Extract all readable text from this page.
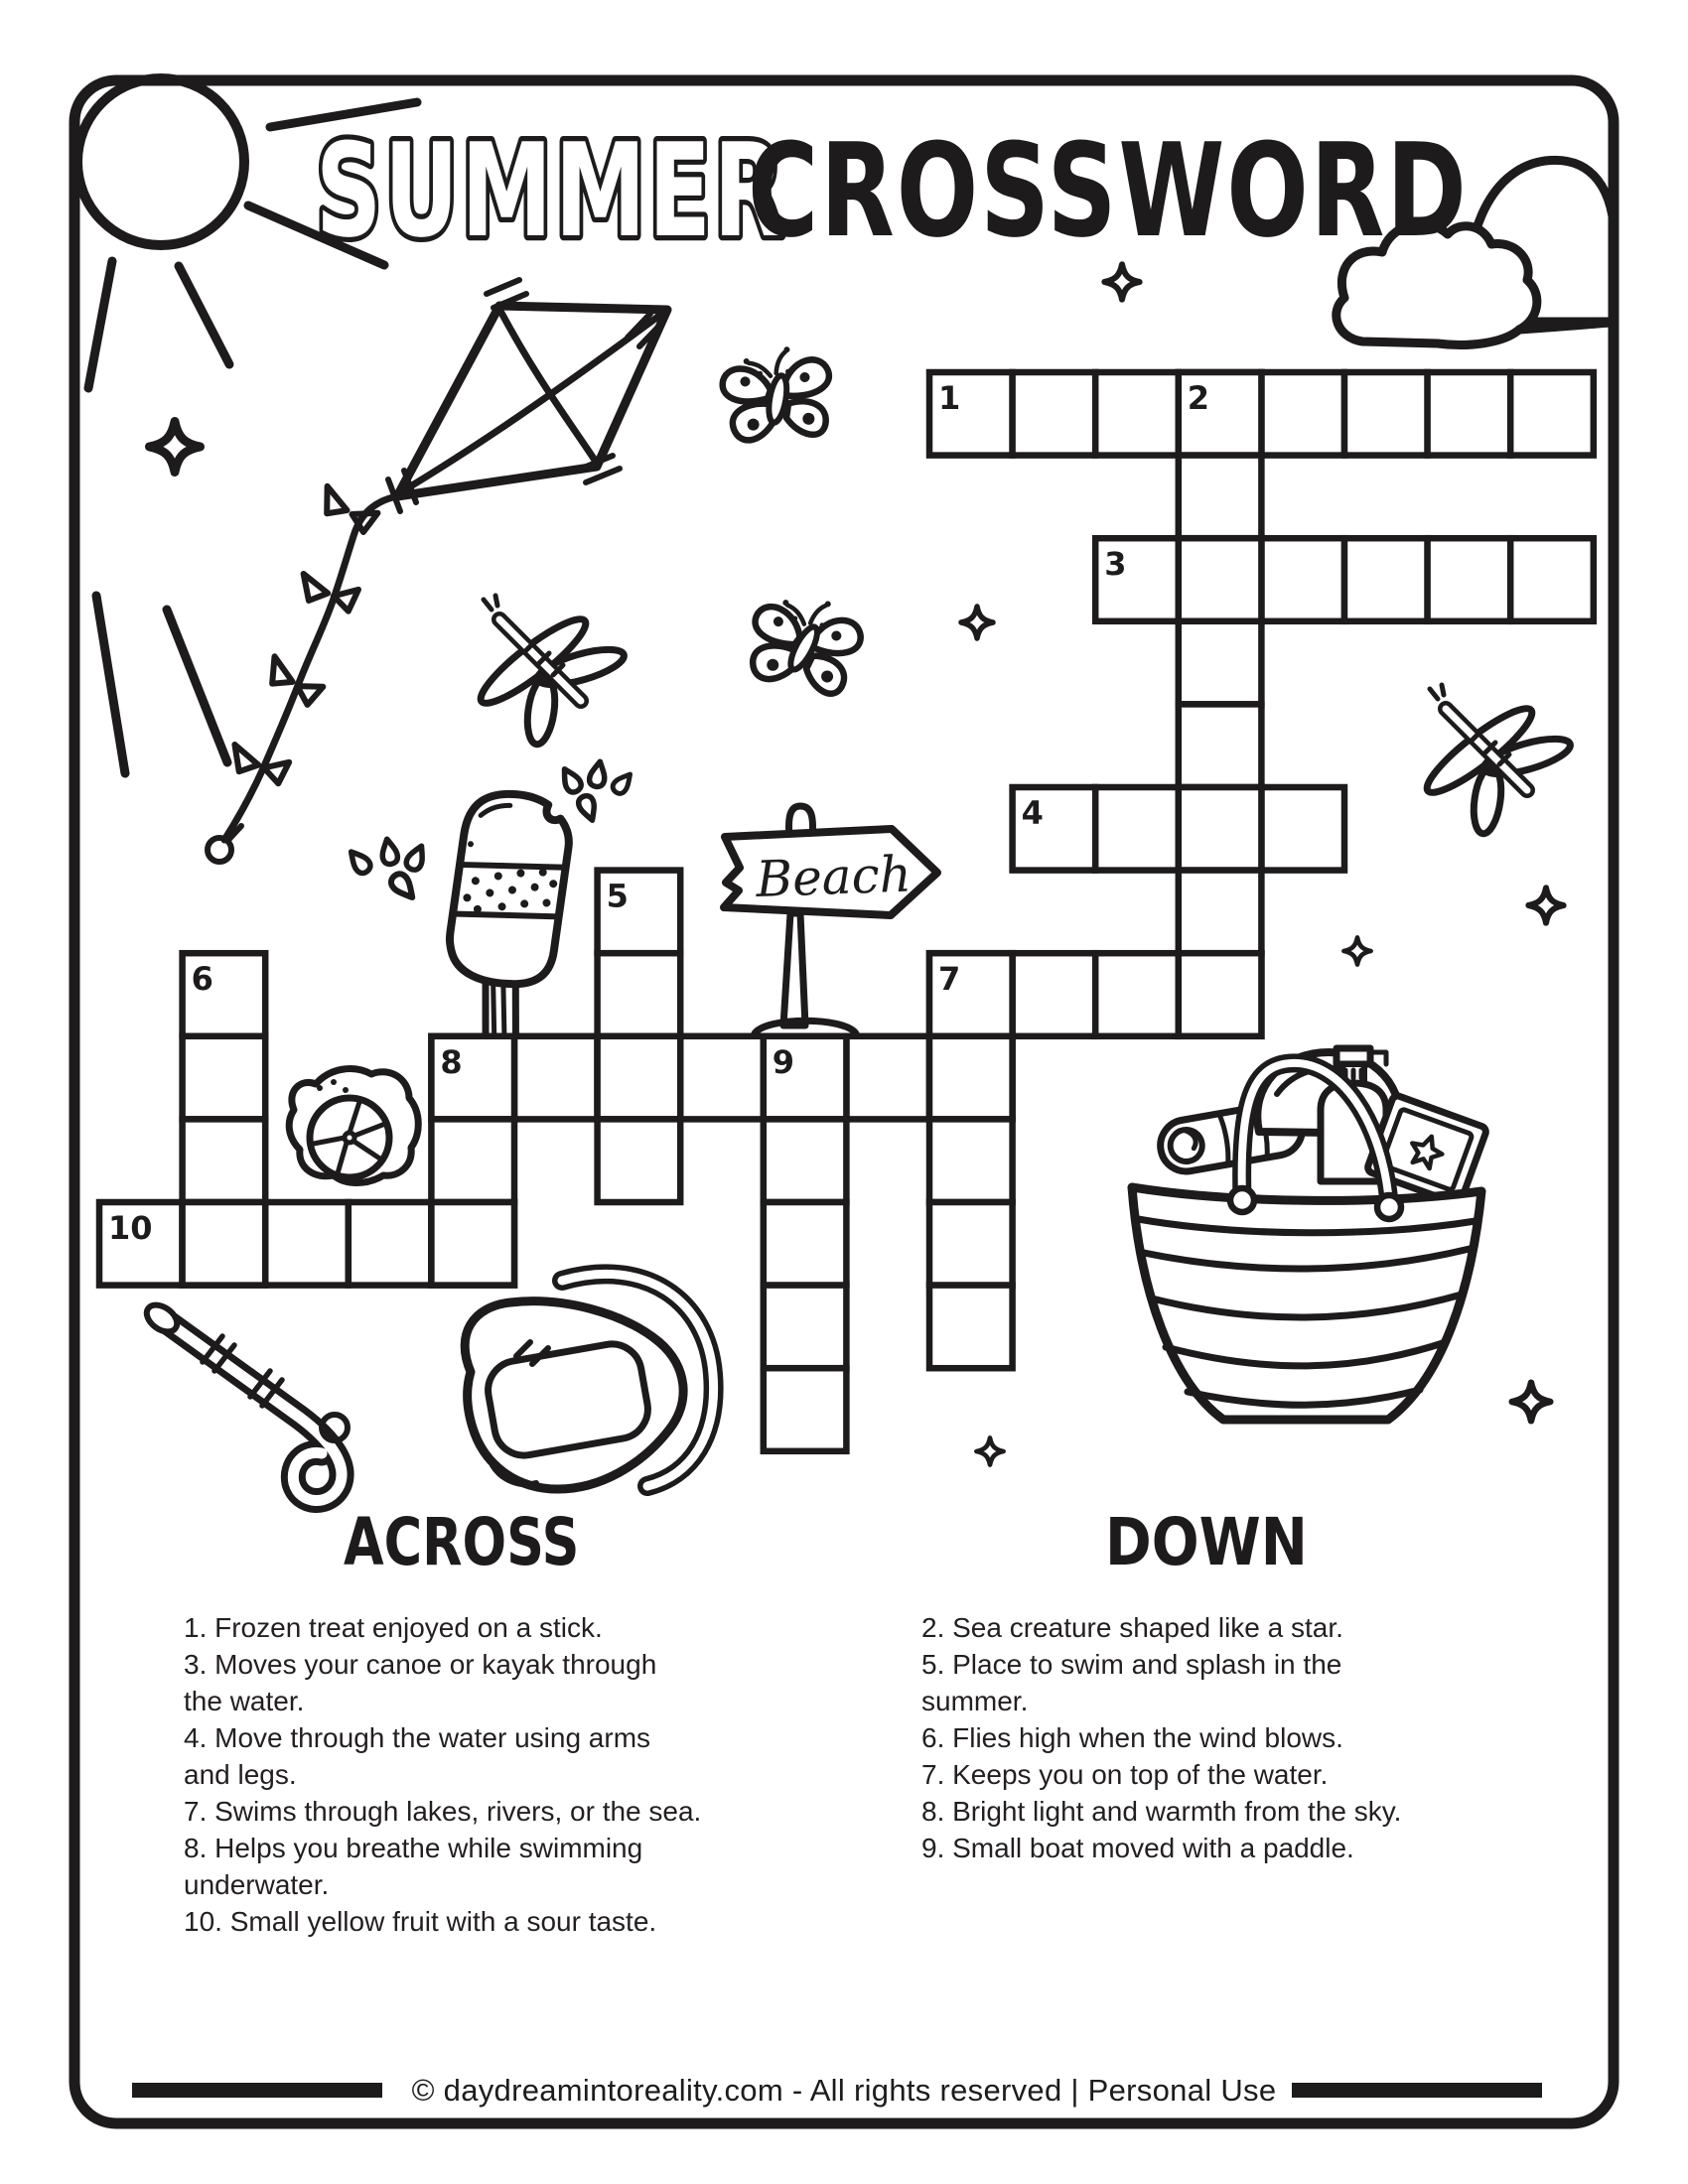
Beach
SUMMER
CROSSWORD
1	2
3
4
5
6	7
8	9
10
ACROSS	DOWN
1. Frozen treat enjoyed on a stick.
3. Moves your canoe or kayak through
the water.
4. Move through the water using arms
and legs.
7. Swims through lakes, rivers, or the sea.
8. Helps you breathe while swimming
underwater.
10. Small yellow fruit with a sour taste.
2. Sea creature shaped like a star.
5. Place to swim and splash in the
summer.
6. Flies high when the wind blows.
7. Keeps you on top of the water.
8. Bright light and warmth from the sky.
9. Small boat moved with a paddle.
© daydreamintoreality.com - All rights reserved | Personal Use
